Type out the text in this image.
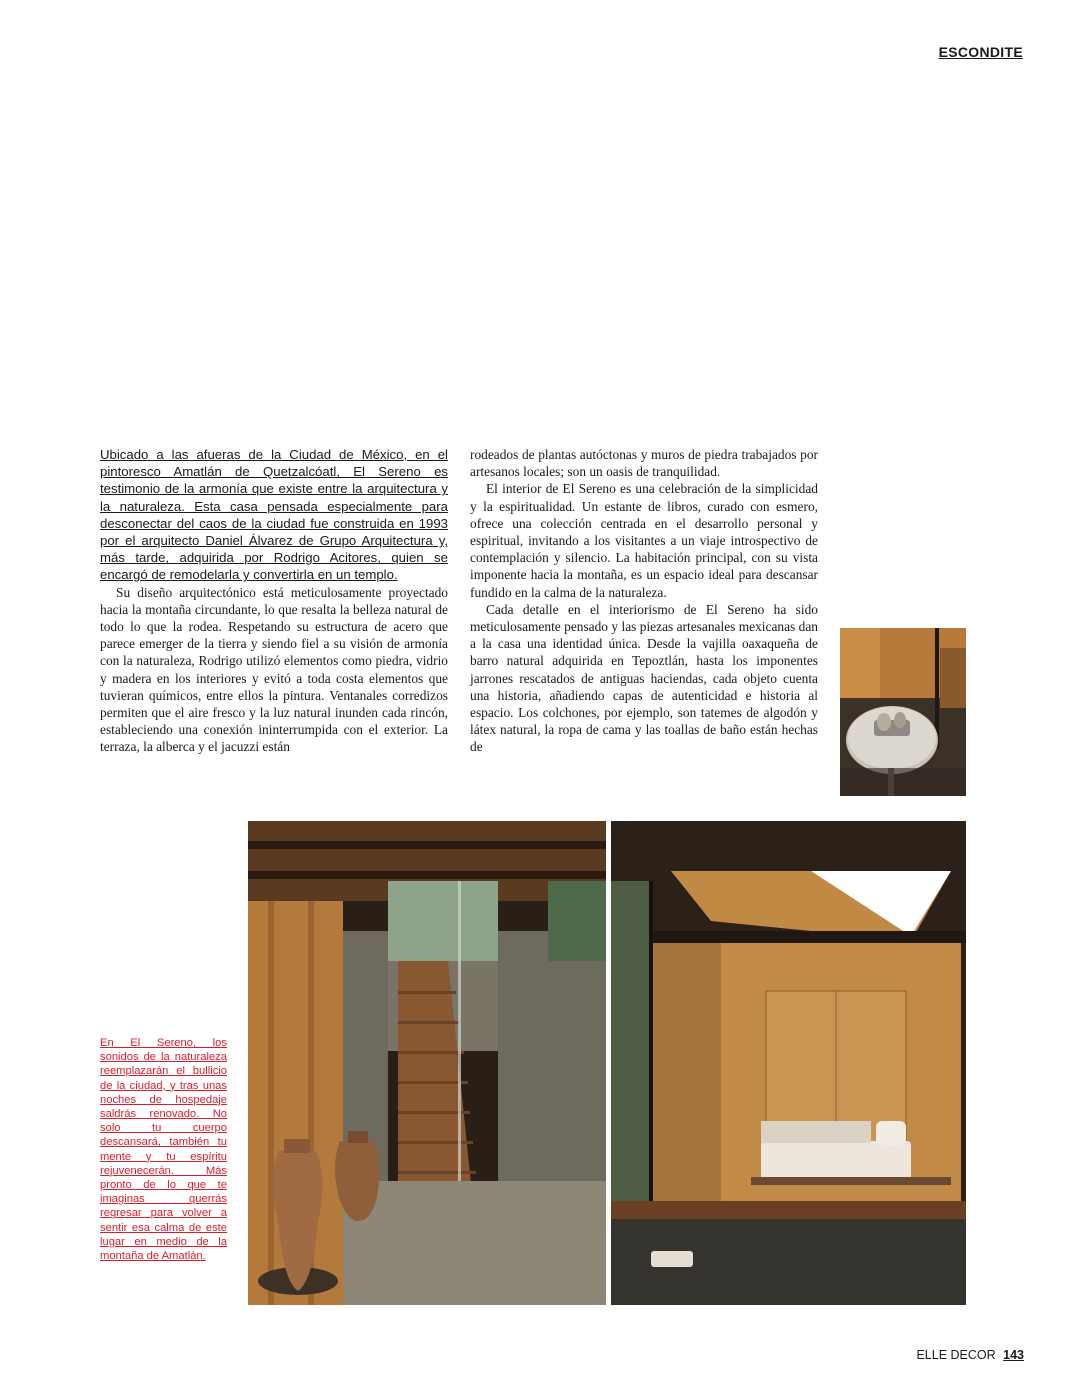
ESCONDITE

Ubicado a las afueras de la Ciudad de México, en el pintoresco Amatlán de Quetzalcóatl, El Sereno es testimonio de la armonía que existe entre la arquitectura y la naturaleza. Esta casa pensada especialmente para desconectar del caos de la ciudad fue construida en 1993 por el arquitecto Daniel Álvarez de Grupo Arquitectura y, más tarde, adquirida por Rodrigo Acitores, quien se encargó de remodelarla y convertirla en un templo.

Su diseño arquitectónico está meticulosamente proyectado hacia la montaña circundante, lo que resalta la belleza natural de todo lo que la rodea. Respetando su estructura de acero que parece emerger de la tierra y siendo fiel a su visión de armonía con la naturaleza, Rodrigo utilizó elementos como piedra, vidrio y madera en los interiores y evitó a toda costa elementos que tuvieran químicos, entre ellos la pintura. Ventanales corredizos permiten que el aire fresco y la luz natural inunden cada rincón, estableciendo una conexión ininterrumpida con el exterior. La terraza, la alberca y el jacuzzi están

rodeados de plantas autóctonas y muros de piedra trabajados por artesanos locales; son un oasis de tranquilidad.

El interior de El Sereno es una celebración de la simplicidad y la espiritualidad. Un estante de libros, curado con esmero, ofrece una colección centrada en el desarrollo personal y espiritual, invitando a los visitantes a un viaje introspectivo de contemplación y silencio. La habitación principal, con su vista imponente hacia la montaña, es un espacio ideal para descansar fundido en la calma de la naturaleza.

Cada detalle en el interiorismo de El Sereno ha sido meticulosamente pensado y las piezas artesanales mexicanas dan a la casa una identidad única. Desde la vajilla oaxaqueña de barro natural adquirida en Tepoztlán, hasta los imponentes jarrones rescatados de antiguas haciendas, cada objeto cuenta una historia, añadiendo capas de autenticidad e historia al espacio. Los colchones, por ejemplo, son tatemes de algodón y látex natural, la ropa de cama y las toallas de baño están hechas de

En El Sereno, los sonidos de la naturaleza reemplazarán el bullicio de la ciudad, y tras unas noches de hospedaje saldrás renovado. No solo tu cuerpo descansará, también tu mente y tu espíritu rejuvenecerán. Más pronto de lo que te imaginas querrás regresar para volver a sentir esa calma de este lugar en medio de la montaña de Amatlán.
ELLE DECOR 143
